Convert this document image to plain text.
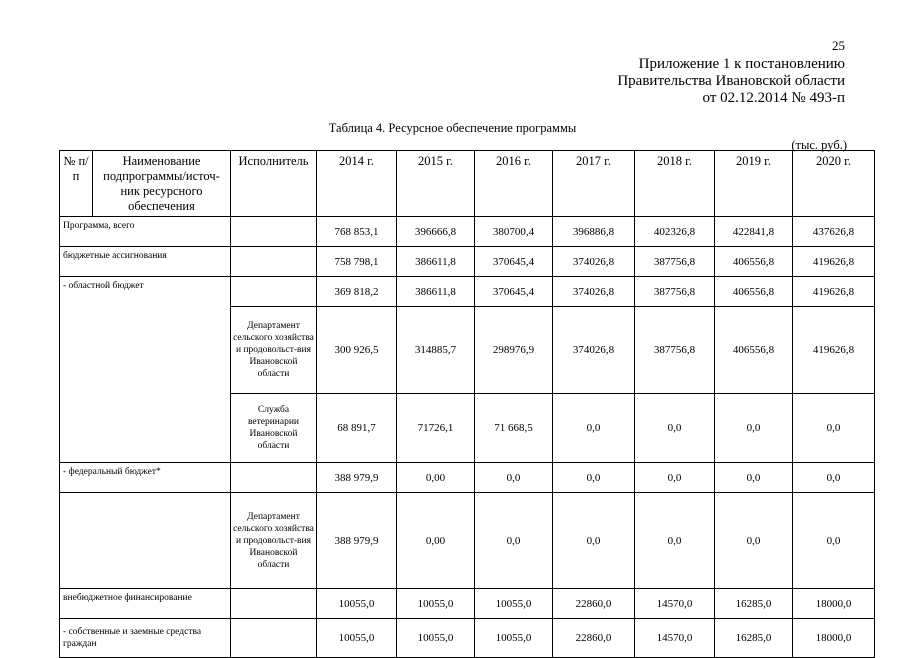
25
Приложение 1 к постановлению
Правительства Ивановской области
от 02.12.2014 № 493-п
Таблица 4. Ресурсное обеспечение программы
(тыс. руб.)
№ п/п	Наименование подпрограммы/источ-ник ресурсного обеспечения	Исполнитель	2014 г.	2015 г.	2016 г.	2017 г.	2018 г.	2019 г.	2020 г.
Программа, всего			768 853,1	396666,8	380700,4	396886,8	402326,8	422841,8	437626,8
бюджетные ассигнования			758 798,1	386611,8	370645,4	374026,8	387756,8	406556,8	419626,8
- областной бюджет			369 818,2	386611,8	370645,4	374026,8	387756,8	406556,8	419626,8
		Департамент сельского хозяйства и продовольст-вия Ивановской области	300 926,5	314885,7	298976,9	374026,8	387756,8	406556,8	419626,8
		Служба ветеринарии Ивановской области	68 891,7	71726,1	71 668,5	0,0	0,0	0,0	0,0
- федеральный бюджет*			388 979,9	0,00	0,0	0,0	0,0	0,0	0,0
		Департамент сельского хозяйства и продовольст-вия Ивановской области	388 979,9	0,00	0,0	0,0	0,0	0,0	0,0
внебюджетное финансирование			10055,0	10055,0	10055,0	22860,0	14570,0	16285,0	18000,0
- собственные и заемные средства граждан			10055,0	10055,0	10055,0	22860,0	14570,0	16285,0	18000,0
